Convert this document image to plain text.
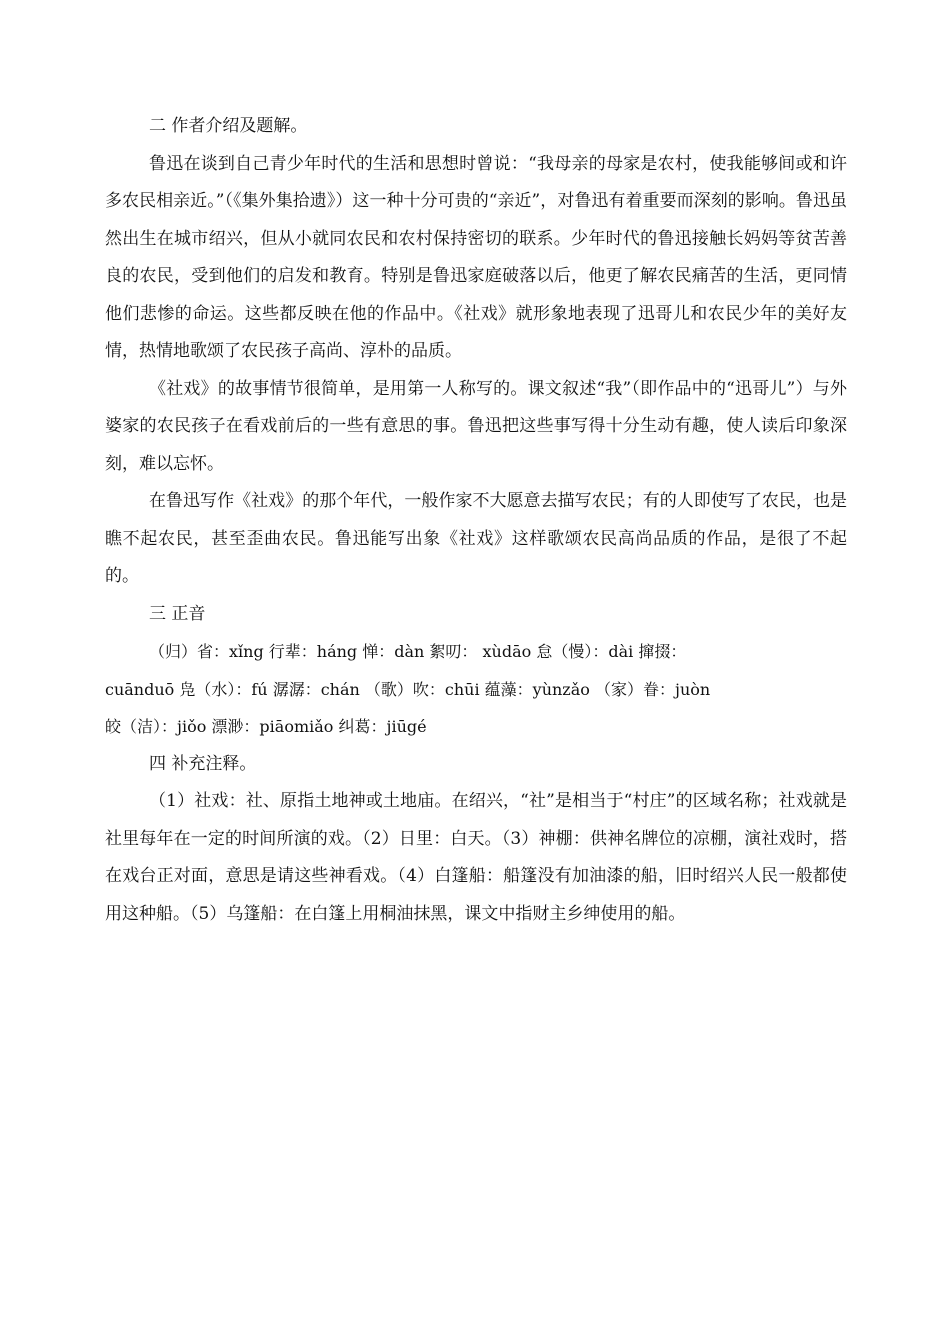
二 作者介绍及题解。

鲁迅在谈到自己青少年时代的生活和思想时曾说：“我母亲的母家是农村，使我能够间或和许多农民相亲近。”（《集外集拾遗》）这一种十分可贵的“亲近”，对鲁迅有着重要而深刻的影响。鲁迅虽然出生在城市绍兴，但从小就同农民和农村保持密切的联系。少年时代的鲁迅接触长妈妈等贫苦善良的农民，受到他们的启发和教育。特别是鲁迅家庭破落以后，他更了解农民痛苦的生活，更同情他们悲惨的命运。这些都反映在他的作品中。《社戏》就形象地表现了迅哥儿和农民少年的美好友情，热情地歌颂了农民孩子高尚、淳朴的品质。

《社戏》的故事情节很简单，是用第一人称写的。课文叙述“我”（即作品中的“迅哥儿”）与外婆家的农民孩子在看戏前后的一些有意思的事。鲁迅把这些事写得十分生动有趣，使人读后印象深刻，难以忘怀。

在鲁迅写作《社戏》的那个年代，一般作家不大愿意去描写农民；有的人即使写了农民，也是瞧不起农民，甚至歪曲农民。鲁迅能写出象《社戏》这样歌颂农民高尚品质的作品，是很了不起的。

三 正音

（归）省：xǐng 行辈：háng 惮：dàn 絮叨： xùdāo 怠（慢）：dài 撺掇：
cuānduō 凫（水）：fú 潺潺：chán （歌）吹：chūi 蕴藻：yùnzǎo （家）眷：juòn
皎（洁）：jiǒo 漂渺：piāomiǎo 纠葛：jiūgé

四 补充注释。

（1）社戏：社、原指土地神或土地庙。在绍兴，“社”是相当于“村庄”的区域名称；社戏就是社里每年在一定的时间所演的戏。（2）日里：白天。（3）神棚：供神名牌位的凉棚，演社戏时，搭在戏台正对面，意思是请这些神看戏。（4）白篷船：船篷没有加油漆的船，旧时绍兴人民一般都使用这种船。（5）乌篷船：在白篷上用桐油抹黑，课文中指财主乡绅使用的船。
